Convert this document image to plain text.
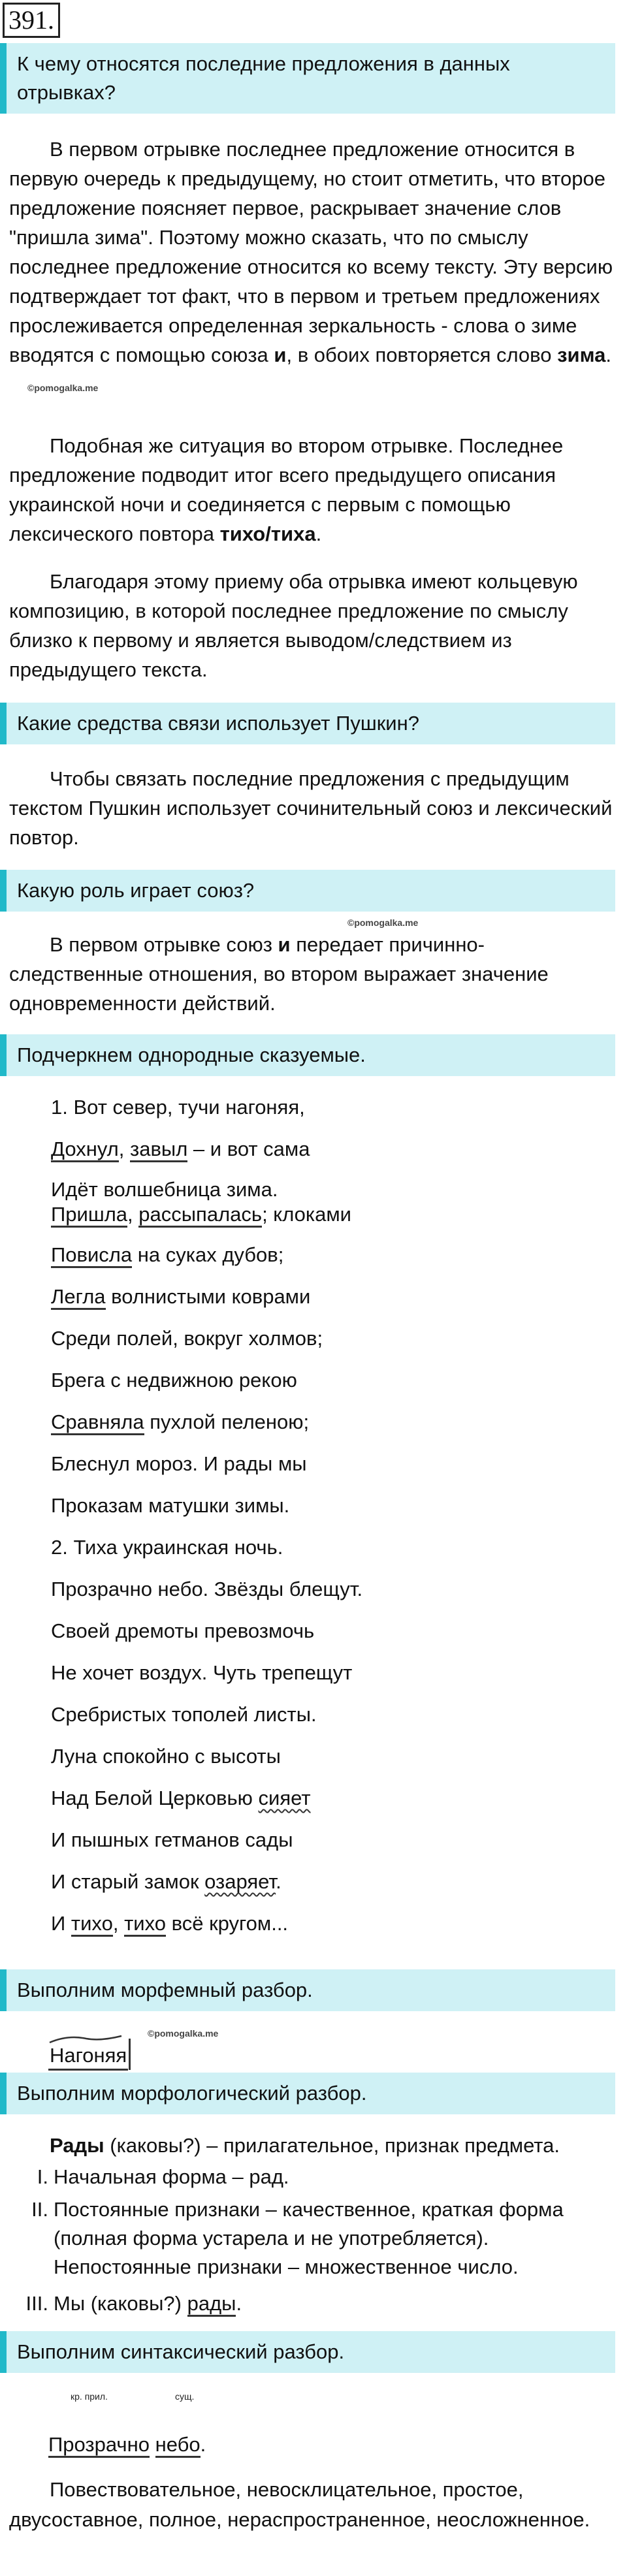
391.
К чему относятся последние предложения в данных отрывках?

В первом отрывке последнее предложение относится в первую очередь к предыдущему, но стоит отметить, что второе предложение поясняет первое, раскрывает значение слов "пришла зима". Поэтому можно сказать, что по смыслу последнее предложение относится ко всему тексту. Эту версию подтверждает тот факт, что в первом и третьем предложениях прослеживается определенная зеркальность - слова о зиме вводятся с помощью союза и, в обоих повторяется слово зима. ©pomogalka.me

Подобная же ситуация во втором отрывке. Последнее предложение подводит итог всего предыдущего описания украинской ночи и соединяется с первым с помощью лексического повтора тихо/тиха.

Благодаря этому приему оба отрывка имеют кольцевую композицию, в которой последнее предложение по смыслу близко к первому и является выводом/следствием из предыдущего текста.

Какие средства связи использует Пушкин?

Чтобы связать последние предложения с предыдущим текстом Пушкин использует сочинительный союз и лексический повтор.

Какую роль играет союз?
©pomogalka.me

В первом отрывке союз и передает причинно-следственные отношения, во втором выражает значение одновременности действий.

Подчеркнем однородные сказуемые.
1. Вот север, тучи нагоняя,
Дохнул, завыл – и вот сама
Идёт волшебница зима.
Пришла, рассыпалась; клоками
Повисла на суках дубов;
Легла волнистыми коврами
Среди полей, вокруг холмов;
Брега с недвижною рекою
Сравняла пухлой пеленою;
Блеснул мороз. И рады мы
Проказам матушки зимы.
2. Тиха украинская ночь.
Прозрачно небо. Звёзды блещут.
Своей дремоты превозмочь
Не хочет воздух. Чуть трепещут
Сребристых тополей листы.
Луна спокойно с высоты
Над Белой Церковью сияет
И пышных гетманов сады
И старый замок озаряет.
И тихо, тихо всё кругом...
Выполним морфемный разбор.
Нагоняя
©pomogalka.me
Выполним морфологический разбор.
Рады (каковы?) – прилагательное, признак предмета.
I. Начальная форма – рад.
II. Постоянные признаки – качественное, краткая форма (полная форма устарела и не употребляется). Непостоянные признаки – множественное число.
III. Мы (каковы?) рады.
Выполним синтаксический разбор.
кр. прил.	сущ.
Прозрачно небо.

Повествовательное, невосклицательное, простое, двусоставное, полное, нераспространенное, неосложненное.
